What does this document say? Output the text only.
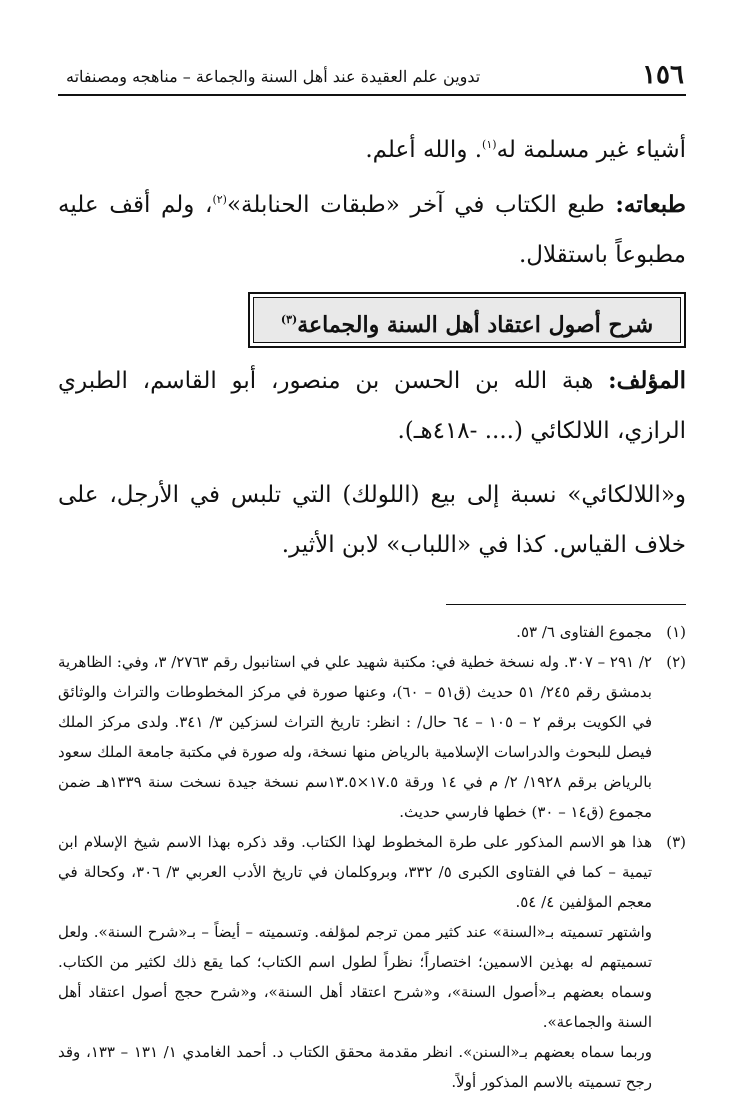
١٥٦
تدوين علم العقيدة عند أهل السنة والجماعة – مناهجه ومصنفاته

أشياء غير مسلمة له$^{(١)}$. والله أعلم.

طبعاته: طبع الكتاب في آخر «طبقات الحنابلة»$^{(٢)}$، ولم أقف عليه مطبوعاً باستقلال.

شرح أصول اعتقاد أهل السنة والجماعة$^{(٣)}$

المؤلف: هبة الله بن الحسن بن منصور، أبو القاسم، الطبري الرازي، اللالكائي (.... -٤١٨هـ).

و«اللالكائي» نسبة إلى بيع (اللولك) التي تلبس في الأرجل، على خلاف القياس. كذا في «اللباب» لابن الأثير.

(١)
مجموع الفتاوى ٦/ ٥٣.
(٢)
٢/ ٢٩١ – ٣٠٧. وله نسخة خطية في: مكتبة شهيد علي في استانبول رقم ٢٧٦٣/ ٣، وفي: الظاهرية بدمشق رقم ٢٤٥/ ٥١ حديث (ق٥١ – ٦٠)، وعنها صورة في مركز المخطوطات والتراث والوثائق في الكويت برقم ٢ – ١٠٥ – ٦٤ حال/ : انظر: تاريخ التراث لسزكين ٣/ ٣٤١. ولدى مركز الملك فيصل للبحوث والدراسات الإسلامية بالرياض منها نسخة، وله صورة في مكتبة جامعة الملك سعود بالرياض برقم ١٩٢٨/ ٢/ م في ١٤ ورقة ١٧.٥×١٣.٥سم نسخة جيدة نسخت سنة ١٣٣٩هـ ضمن مجموع (ق١٤ – ٣٠) خطها فارسي حديث.
(٣)
هذا هو الاسم المذكور على طرة المخطوط لهذا الكتاب. وقد ذكره بهذا الاسم شيخ الإسلام ابن تيمية – كما في الفتاوى الكبرى ٥/ ٣٣٢، وبروكلمان في تاريخ الأدب العربي ٣/ ٣٠٦، وكحالة في معجم المؤلفين ٤/ ٥٤.
واشتهر تسميته بـ«السنة» عند كثير ممن ترجم لمؤلفه. وتسميته – أيضاً – بـ«شرح السنة». ولعل تسميتهم له بهذين الاسمين؛ اختصاراً؛ نظراً لطول اسم الكتاب؛ كما يقع ذلك لكثير من الكتاب. وسماه بعضهم بـ«أصول السنة»، و«شرح اعتقاد أهل السنة»، و«شرح حجج أصول اعتقاد أهل السنة والجماعة».
وربما سماه بعضهم بـ«السنن». انظر مقدمة محقق الكتاب د. أحمد الغامدي ١/ ١٣١ – ١٣٣، وقد رجح تسميته بالاسم المذكور أولاً.
